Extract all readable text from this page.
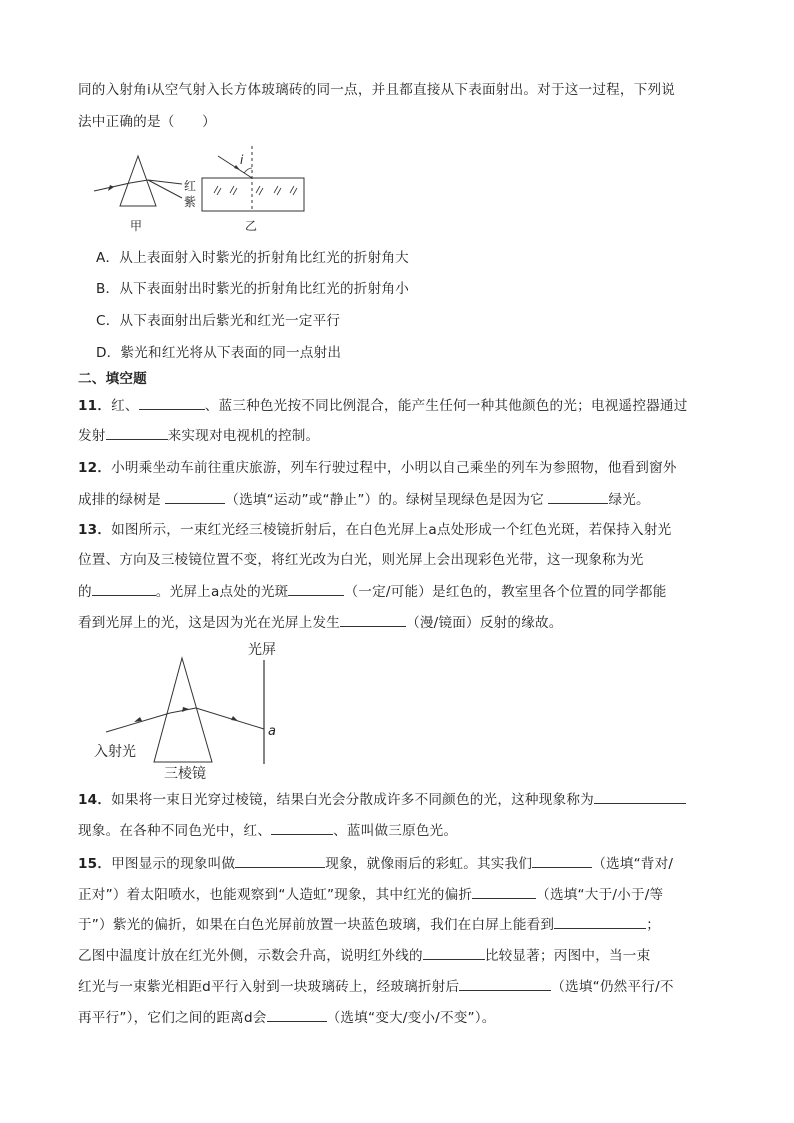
同的入射角i从空气射入长方体玻璃砖的同一点，并且都直接从下表面射出。对于这一过程，下列说
法中正确的是（　　）
红
紫
甲
i
乙
A．从上表面射入时紫光的折射角比红光的折射角大
B．从下表面射出时紫光的折射角比红光的折射角小
C．从下表面射出后紫光和红光一定平行
D．紫光和红光将从下表面的同一点射出
二、填空题
11．红、	、蓝三种色光按不同比例混合，能产生任何一种其他颜色的光；电视遥控器通过
发射	来实现对电视机的控制。
12．小明乘坐动车前往重庆旅游，列车行驶过程中，小明以自己乘坐的列车为参照物，他看到窗外
成排的绿树是	（选填“运动”或“静止”）的。绿树呈现绿色是因为它	绿光。
13．如图所示，一束红光经三棱镜折射后，在白色光屏上a点处形成一个红色光斑，若保持入射光
位置、方向及三棱镜位置不变，将红光改为白光，则光屏上会出现彩色光带，这一现象称为光
的	。光屏上a点处的光斑	（一定/可能）是红色的，教室里各个位置的同学都能
看到光屏上的光，这是因为光在光屏上发生	（漫/镜面）反射的缘故。
光屏
a
入射光
三棱镜
14．如果将一束日光穿过棱镜，结果白光会分散成许多不同颜色的光，这种现象称为
现象。在各种不同色光中，红、	、蓝叫做三原色光。
15．甲图显示的现象叫做	现象，就像雨后的彩虹。其实我们	（选填“背对/
正对”）着太阳喷水，也能观察到“人造虹”现象，其中红光的偏折	（选填“大于/小于/等
于”）紫光的偏折，如果在白色光屏前放置一块蓝色玻璃，我们在白屏上能看到	；
乙图中温度计放在红光外侧，示数会升高，说明红外线的	比较显著；丙图中，当一束
红光与一束紫光相距d平行入射到一块玻璃砖上，经玻璃折射后	（选填“仍然平行/不
再平行”），它们之间的距离d会	（选填“变大/变小/不变”）。
